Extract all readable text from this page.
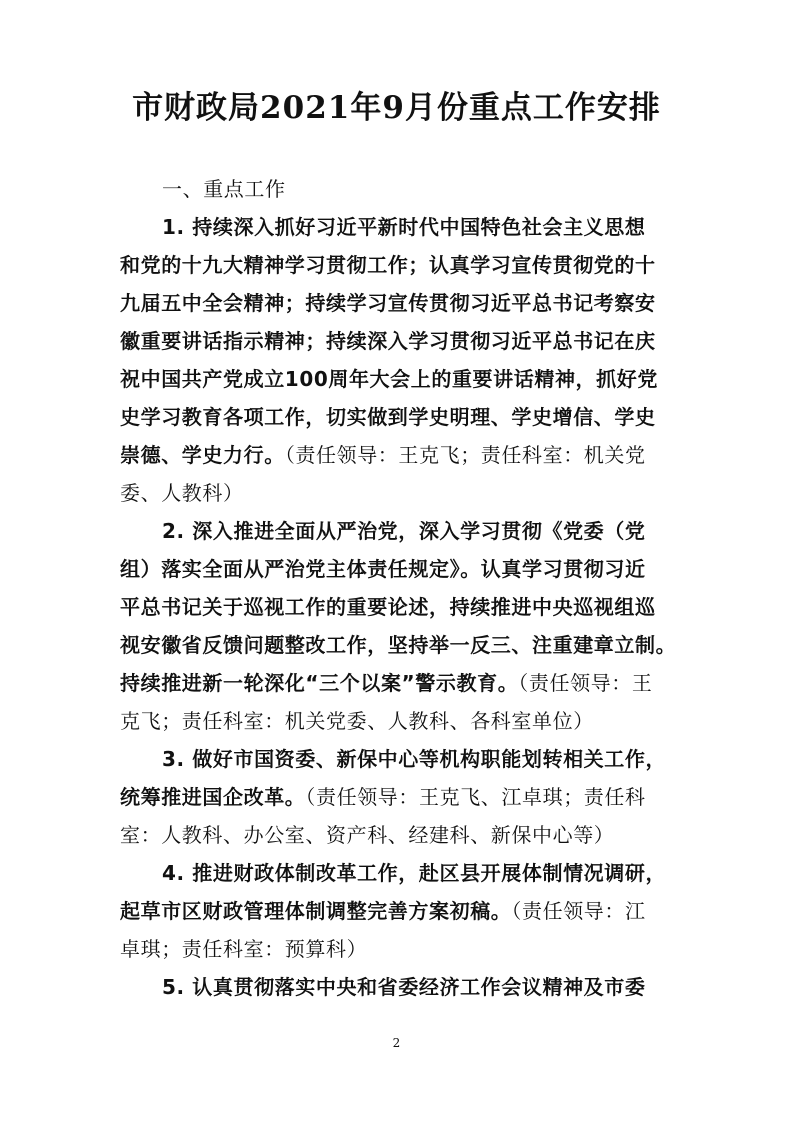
市财政局2021年9月份重点工作安排
一、重点工作
1. 持续深入抓好习近平新时代中国特色社会主义思想
和党的十九大精神学习贯彻工作；认真学习宣传贯彻党的十
九届五中全会精神；持续学习宣传贯彻习近平总书记考察安
徽重要讲话指示精神；持续深入学习贯彻习近平总书记在庆
祝中国共产党成立100周年大会上的重要讲话精神，抓好党
史学习教育各项工作，切实做到学史明理、学史增信、学史
崇德、学史力行。（责任领导：王克飞；责任科室：机关党
委、人教科）
2. 深入推进全面从严治党，深入学习贯彻《党委（党
组）落实全面从严治党主体责任规定》。认真学习贯彻习近
平总书记关于巡视工作的重要论述，持续推进中央巡视组巡
视安徽省反馈问题整改工作，坚持举一反三、注重建章立制。
持续推进新一轮深化“三个以案”警示教育。（责任领导：王
克飞；责任科室：机关党委、人教科、各科室单位）
3. 做好市国资委、新保中心等机构职能划转相关工作，
统筹推进国企改革。（责任领导：王克飞、江卓琪；责任科
室：人教科、办公室、资产科、经建科、新保中心等）
4. 推进财政体制改革工作，赴区县开展体制情况调研，
起草市区财政管理体制调整完善方案初稿。（责任领导：江
卓琪；责任科室：预算科）
5. 认真贯彻落实中央和省委经济工作会议精神及市委
2
